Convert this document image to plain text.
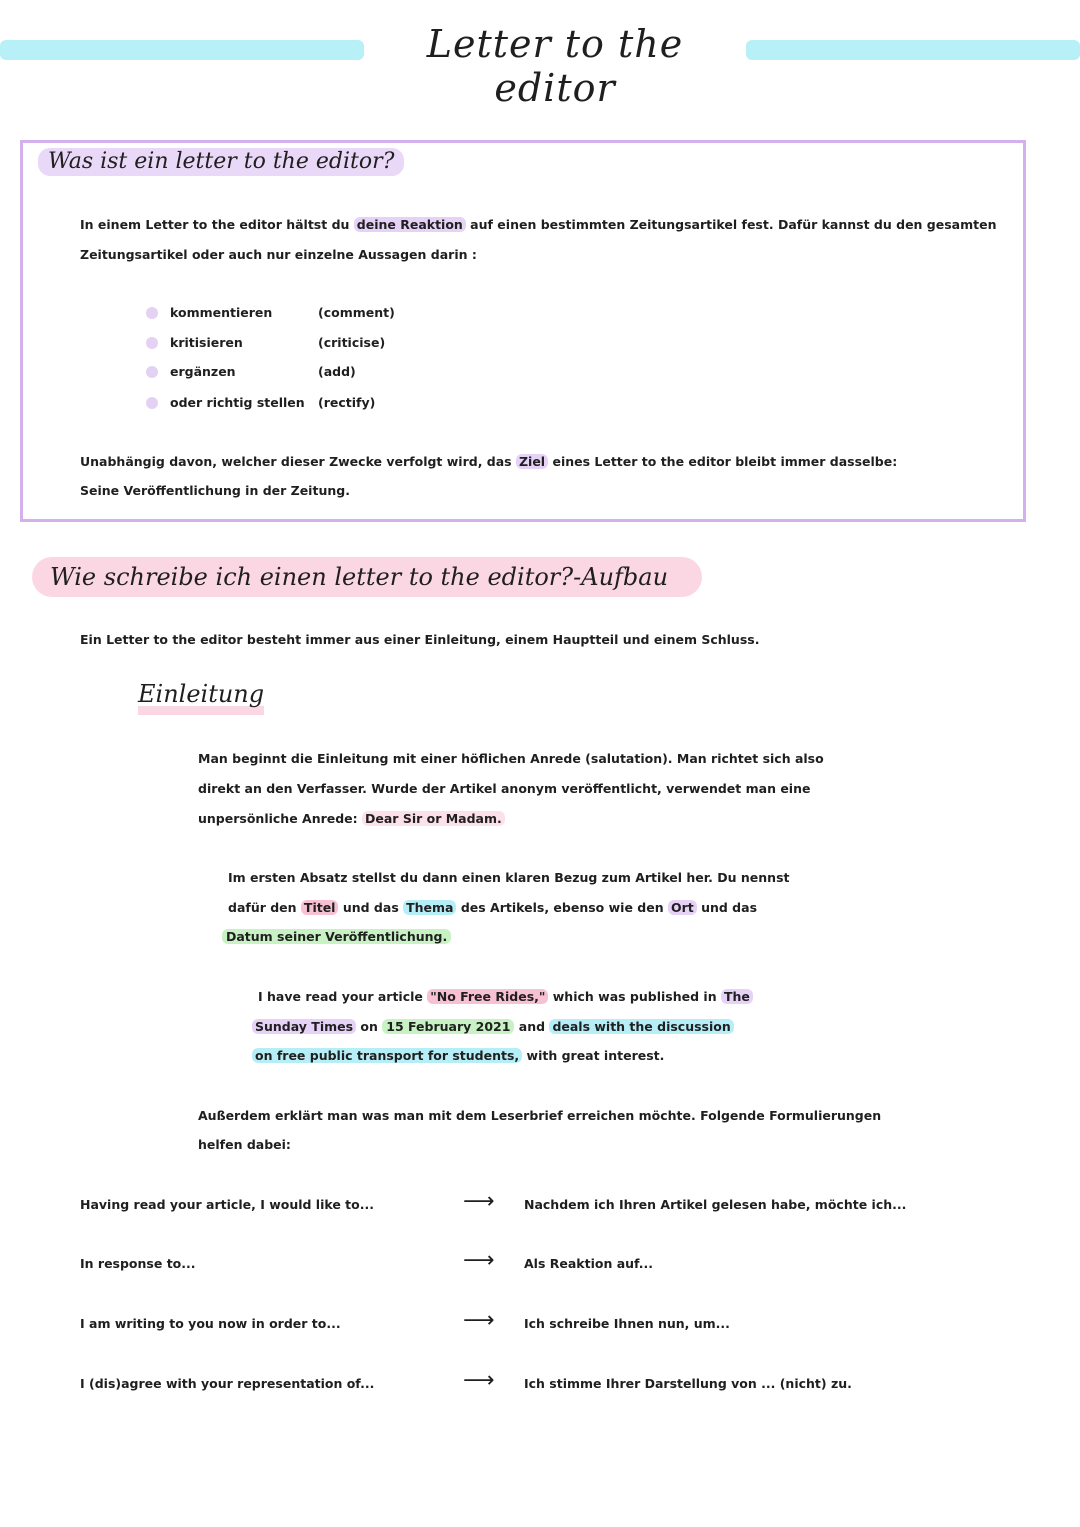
Letter to the editor
Was ist ein letter to the editor?
In einem Letter to the editor hältst du deine Reaktion auf einen bestimmten Zeitungsartikel fest. Dafür kannst du den gesamten
Zeitungsartikel oder auch nur einzelne Aussagen darin :
kommentieren	(comment)
kritisieren	(criticise)
ergänzen	(add)
oder richtig stellen (rectify)
Unabhängig davon, welcher dieser Zwecke verfolgt wird, das Ziel eines Letter to the editor bleibt immer dasselbe:
Seine Veröffentlichung in der Zeitung.
Wie schreibe ich einen letter to the editor?-Aufbau
Ein Letter to the editor besteht immer aus einer Einleitung, einem Hauptteil und einem Schluss.
Einleitung
Man beginnt die Einleitung mit einer höflichen Anrede (salutation). Man richtet sich also
direkt an den Verfasser. Wurde der Artikel anonym veröffentlicht, verwendet man eine
unpersönliche Anrede: Dear Sir or Madam.
Im ersten Absatz stellst du dann einen klaren Bezug zum Artikel her. Du nennst
dafür den Titel und das Thema des Artikels, ebenso wie den Ort und das
Datum seiner Veröffentlichung.
I have read your article "No Free Rides," which was published in The
Sunday Times on 15 February 2021 and deals with the discussion
on free public transport for students, with great interest.
Außerdem erklärt man was man mit dem Leserbrief erreichen möchte. Folgende Formulierungen
helfen dabei:
Having read your article, I would like to...	⟶ Nachdem ich Ihren Artikel gelesen habe, möchte ich...
In response to...	⟶ Als Reaktion auf...
I am writing to you now in order to...	⟶ Ich schreibe Ihnen nun, um...
I (dis)agree with your representation of...	⟶ Ich stimme Ihrer Darstellung von ... (nicht) zu.
